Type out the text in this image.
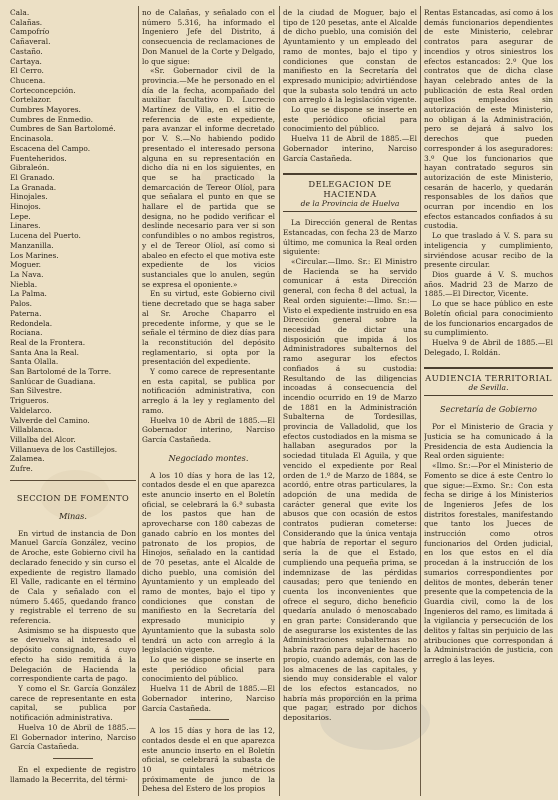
Cala.
Calañas.
Campofrío
Cañaveral.
Castaño.
Cartaya.
El Cerro.
Chucena.
Corteconcepción.
Cortelazor.
Cumbres Mayores.
Cumbres de Enmedio.
Cumbres de San Bartolomé.
Encinasola.
Escacena del Campo.
Fuenteheridos.
Gibraleón.
El Granado.
La Granada.
Hinojales.
Hinojos.
Lepe.
Linares.
Lucena del Puerto.
Manzanilla.
Los Marines.
Moguer.
La Nava.
Niebla.
La Palma.
Palos.
Paterna.
Redondela.
Rociana.
Real de la Frontera.
Santa Ana la Real.
Santa Olalla.
San Bartolomé de la Torre.
Sanlúcar de Guadiana.
San Silvestre.
Trigueros.
Valdelarco.
Valverde del Camino.
Villablanca.
Villalba del Alcor.
Villanueva de los Castillejos.
Zalamea.
Zufre.
SECCION DE FOMENTO
Minas.

En virtud de instancia de Don Manuel García González, vecino de Aroche, este Gobierno civil ha declarado fenecido y sin curso el expediente de registro llamado El Valle, radicante en el término de Cala y señalado con el número 5.465, quedando franco y registrable el terreno de su referencia.

Asimismo se ha dispuesto que se devuelva al interesado el depósito consignado, á cuyo efecto ha sido remitida á la Delegación de Hacienda la correspondiente carta de pago.

Y como el Sr. García González carece de representante en esta capital, se publica por notificación administrativa.

Huelva 10 de Abril de 1885.—El Gobernador interino, Narciso García Castañeda.

En el expediente de registro llamado la Becerrita, del térmi-

no de Calañas, y señalado con el número 5.316, ha informado el Ingeniero Jefe del Distrito, á consecuencia de reclamaciones de Don Manuel de la Corte y Delgado, lo que sigue:

«Sr. Gobernador civil de la provincia.—Me he personado en el día de la fecha, acompañado del auxiliar facultativo D. Lucrecio Martínez de Villa, en el sitio de referencia de este expediente, para avanzar el informe decretado por V. S.—No habiendo podido presentado el interesado persona alguna en su representación en dicho día ni en los siguientes, en que se ha practicado la demarcación de Tereor Olíol, para que señalara el punto en que se hallare el de partida que se designa, no he podido verificar el deslinde necesario para ver si son confundibles o no ambos registros, y el de Tereor Olíol, así como si abaleo en efecto el que motiva este expediente de los vicios sustanciales que lo anulen, según se expresa el oponiente.»

En su virtud, este Gobierno civil tiene decretado que se haga saber al Sr. Aroche Chaparro el precedente informe, y que se le señale el término de diez días para la reconstitución del depósito reglamentario, si opta por la presentación del expediente.

Y como carece de representante en esta capital, se publica por notificación administrativa, con arreglo á la ley y reglamento del ramo.

Huelva 10 de Abril de 1885.—El Gobernador interino, Narciso García Castañeda.

Negociado montes.

A los 10 días y hora de las 12, contados desde el en que aparezca este anuncio inserto en el Boletín oficial, se celebrará la 6.ª subasta de los pastos que han de aprovecharse con 180 cabezas de ganado cabrío en los montes del patronato de los propios, de Hinojos, señalado en la cantidad de 70 pesetas, ante el Alcalde de dicho pueblo, una comisión del Ayuntamiento y un empleado del ramo de montes, bajo el tipo y condiciones que constan de manifiesto en la Secretaría del expresado municipio y Ayuntamiento que la subasta solo tendrá un acto con arreglo á la legislación vigente.

Lo que se dispone se inserte en este periódico oficial para conocimiento del público.

Huelva 11 de Abril de 1885.—El Gobernador interino, Narciso García Castañeda.

A los 15 días y hora de las 12, contados desde el en que aparezca este anuncio inserto en el Boletín oficial, se celebrará la subasta de 10 quintales métricos próximamente de junco de la Dehesa del Estero de los propios

de la ciudad de Moguer, bajo el tipo de 120 pesetas, ante el Alcalde de dicho pueblo, una comisión del Ayuntamiento y un empleado del ramo de montes, bajo el tipo y condiciones que constan de manifiesto en la Secretaría del expresado municipio; advirtiéndose que la subasta solo tendrá un acto con arreglo á la legislación vigente.

Lo que se dispone se inserte en este periódico oficial para conocimiento del público.

Huelva 11 de Abril de 1885.—El Gobernador interino, Narciso García Castañeda.

DELEGACION DE HACIENDA
de la Provincia de Huelva

La Dirección general de Rentas Estancadas, con fecha 23 de Marzo último, me comunica la Real orden siguiente:

«Circular.—Ilmo. Sr.: El Ministro de Hacienda se ha servido comunicar á esta Dirección general, con fecha 8 del actual, la Real orden siguiente:—Ilmo. Sr.:—Visto el expediente instruido en esa Dirección general sobre la necesidad de dictar una disposición que impida á los Administradores subalternos del ramo asegurar los efectos confiados á su custodia: Resultando de las diligencias incoadas á consecuencia del incendio ocurrido en 19 de Marzo de 1881 en la Administración Subalterna de Tordesillas, provincia de Valladolid, que los efectos custodiados en la misma se hallaban asegurados por la sociedad titulada El Aguila, y que vencido el expediente por Real orden de 1.º de Marzo de 1884, se acordó, entre otras particulares, la adopción de una medida de carácter general que evite los abusos que con ocasión de estos contratos pudieran cometerse: Considerando que la única ventaja que habría de reportar el seguro sería la de que el Estado, cumpliendo una pequeña prima, se indemnizase de las pérdidas causadas; pero que teniendo en cuenta los inconvenientes que ofrece el seguro, dicho beneficio quedaría anulado ó menoscabado en gran parte: Considerando que de asegurarse los existentes de las Administraciones subalternas no habría razón para dejar de hacerlo propio, cuando además, con las de los almacenes de las capitales, y siendo muy considerable el valor de los efectos estancados, no habría más proporción en la prima que pagar, estrado por dichos depositarios.

Rentas Estancadas, así como á los demás funcionarios dependientes de este Ministerio, celebrar contratos para asegurar de incendios y otros siniestros los efectos estancados: 2.º Que los contratos que de dicha clase hayan celebrado antes de la publicación de esta Real orden aquellos empleados sin autorización de este Ministerio, no obligan á la Administración, pero se dejará á salvo los derechos que pueden corresponder á los aseguradores: 3.º Que los funcionarios que hayan contratado seguros sin autorización de este Ministerio, cesarán de hacerlo, y quedarán responsables de los daños que ocurran por incendio en los efectos estancados confiados á su custodia.

Lo que traslado á V. S. para su inteligencia y cumplimiento, sirviéndose acusar recibo de la presente circular.

Dios guarde á V. S. muchos años. Madrid 23 de Marzo de 1885.—El Director, Vicente.

Lo que se hace público en este Boletín oficial para conocimiento de los funcionarios encargados de su cumplimiento.

Huelva 9 de Abril de 1885.—El Delegado, I. Roldán.

AUDIENCIA TERRITORIAL
de Sevilla.
Secretaría de Gobierno

Por el Ministerio de Gracia y Justicia se ha comunicado á la Presidencia de esta Audiencia la Real orden siguiente:

«Ilmo. Sr.:—Por el Ministerio de Fomento se dice á este Centro lo que sigue:—Exmo. Sr.: Con esta fecha se dirige á los Ministerios de Ingenieros Jefes de los distritos forestales, manifestando que tanto los Jueces de instrucción como otros funcionarios del Orden judicial, en los que estos en el día procedan á la instrucción de los sumarios correspondientes por delitos de montes, deberán tener presente que la competencia de la Guardia civil, como la de los Ingenieros del ramo, es limitada á la vigilancia y persecución de los delitos y faltas sin perjuicio de las atribuciones que correspondan á la Administración de justicia, con arreglo á las leyes.
